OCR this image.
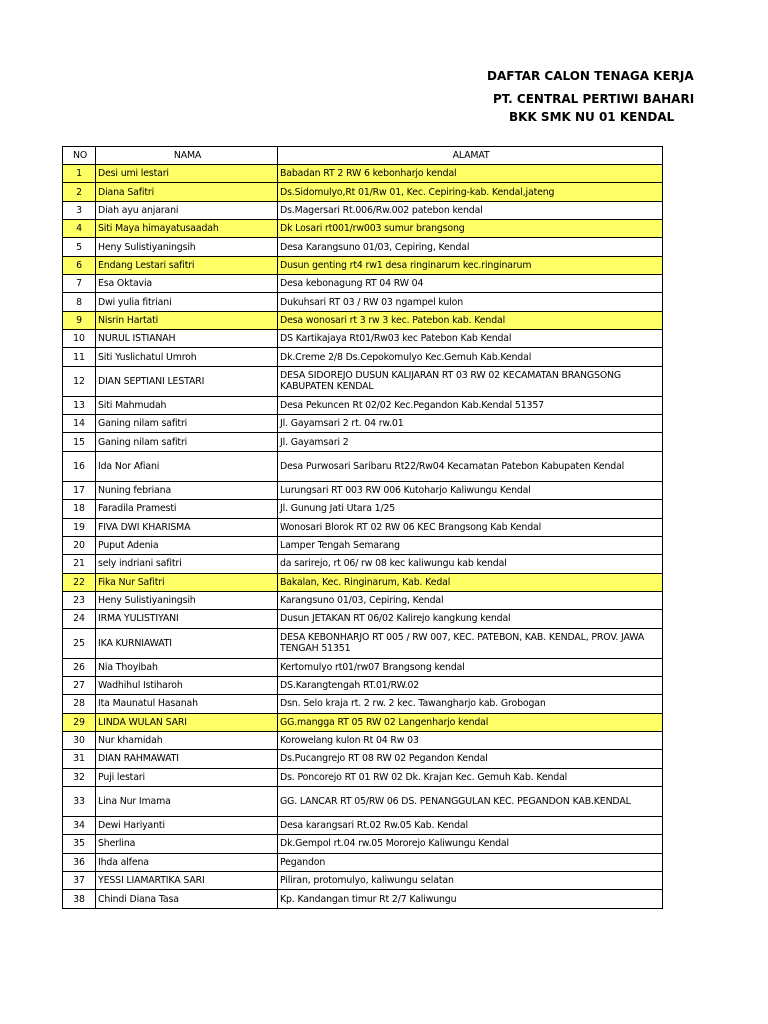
DAFTAR CALON TENAGA KERJA
PT. CENTRAL PERTIWI BAHARI
BKK SMK NU 01 KENDAL
NO	NAMA	ALAMAT
1	Desi umi lestari	Babadan RT 2 RW 6 kebonharjo kendal
2	Diana Safitri	Ds.Sidomulyo,Rt 01/Rw 01, Kec. Cepiring-kab. Kendal,jateng
3	Diah ayu anjarani	Ds.Magersari Rt.006/Rw.002 patebon kendal
4	Siti Maya himayatusaadah	Dk Losari rt001/rw003 sumur brangsong
5	Heny Sulistiyaningsih	Desa Karangsuno 01/03, Cepiring, Kendal
6	Endang Lestari safitri	Dusun genting rt4 rw1 desa ringinarum kec.ringinarum
7	Esa Oktavia	Desa kebonagung RT 04 RW 04
8	Dwi yulia fitriani	Dukuhsari RT 03 / RW 03 ngampel kulon
9	Nisrin Hartati	Desa wonosari rt 3 rw 3 kec. Patebon kab. Kendal
10	NURUL ISTIANAH	DS Kartikajaya Rt01/Rw03 kec Patebon Kab Kendal
11	Siti Yuslichatul Umroh	Dk.Creme 2/8 Ds.Cepokomulyo Kec.Gemuh Kab.Kendal
12	DIAN SEPTIANI LESTARI	DESA SIDOREJO DUSUN KALIJARAN RT 03 RW 02 KECAMATAN BRANGSONG KABUPATEN KENDAL
13	Siti Mahmudah	Desa Pekuncen Rt 02/02 Kec.Pegandon Kab.Kendal 51357
14	Ganing nilam safitri	Jl. Gayamsari 2 rt. 04 rw.01
15	Ganing nilam safitri	Jl. Gayamsari 2
16	Ida Nor Afiani	Desa Purwosari Saribaru Rt22/Rw04 Kecamatan Patebon Kabupaten Kendal
17	Nuning febriana	Lurungsari RT 003 RW 006 Kutoharjo Kaliwungu Kendal
18	Faradila Pramesti	Jl. Gunung Jati Utara 1/25
19	FIVA DWI KHARISMA	Wonosari Blorok RT 02 RW 06 KEC Brangsong Kab Kendal
20	Puput Adenia	Lamper Tengah Semarang
21	sely indriani safitri	da sarirejo, rt 06/ rw 08 kec kaliwungu kab kendal
22	Fika Nur Safitri	Bakalan, Kec. Ringinarum, Kab. Kedal
23	Heny Sulistiyaningsih	Karangsuno 01/03, Cepiring, Kendal
24	IRMA YULISTIYANI	Dusun JETAKAN RT 06/02 Kalirejo kangkung kendal
25	IKA KURNIAWATI	DESA KEBONHARJO RT 005 / RW 007, KEC. PATEBON, KAB. KENDAL, PROV. JAWA TENGAH 51351
26	Nia Thoyibah	Kertomulyo rt01/rw07 Brangsong kendal
27	Wadhihul Istiharoh	DS.Karangtengah RT.01/RW.02
28	Ita Maunatul Hasanah	Dsn. Selo kraja rt. 2 rw. 2 kec. Tawangharjo kab. Grobogan
29	LINDA WULAN SARI	GG.mangga RT 05 RW 02 Langenharjo kendal
30	Nur khamidah	Korowelang kulon Rt 04 Rw 03
31	DIAN RAHMAWATI	Ds.Pucangrejo RT 08 RW 02 Pegandon Kendal
32	Puji lestari	Ds. Poncorejo RT 01 RW 02 Dk. Krajan Kec. Gemuh Kab. Kendal
33	Lina Nur Imama	GG. LANCAR RT 05/RW 06 DS. PENANGGULAN KEC. PEGANDON KAB.KENDAL
34	Dewi Hariyanti	Desa karangsari Rt.02 Rw.05 Kab. Kendal
35	Sherlina	Dk.Gempol rt.04 rw.05 Mororejo Kaliwungu Kendal
36	Ihda alfena	Pegandon
37	YESSI LIAMARTIKA SARI	Piliran, protomulyo, kaliwungu selatan
38	Chindi Diana Tasa	Kp. Kandangan timur Rt 2/7 Kaliwungu
